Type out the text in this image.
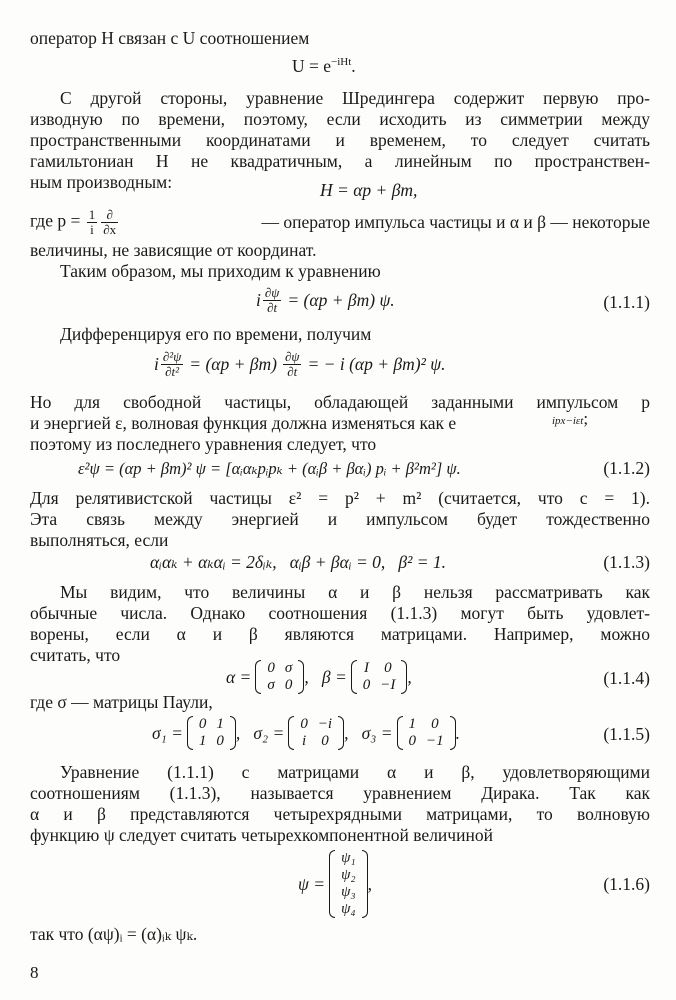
оператор H связан с U соотношением
$U = e^{-iHt}$.
С другой стороны, уравнение Шредингера содержит первую про-
изводную по времени, поэтому, если исходить из симметрии между
пространственными координатами и временем, то следует считать
гамильтониан H не квадратичным, а линейным по пространствен-
ным производным:	H = αp + βm,
где $p = \frac{1}{i} \frac{\partial}{\partial x}$	— оператор импульса частицы и α и β — некоторые
величины, не зависящие от координат.
Таким образом, мы приходим к уравнению
i $\frac{\partial\psi}{\partial t} = (\alpha p + \beta m)$ ψ.	(1.1.1)
Дифференцируя его по времени, получим
i $\frac{\text{∂²ψ}}{\text{∂t²}} = (\alpha p + \beta m) \frac{\partial\psi}{\partial t}$ = − i (αp + βm)² ψ.
Но для свободной частицы, обладающей заданными импульсом p
и энергией ε, волновая функция должна изменяться как e
поэтому из последнего уравнения следует, что
ipx−iεt;
ε²ψ = (αp + βm)² ψ = [αᵢαₖpᵢpₖ + (αᵢβ + βαᵢ) pᵢ + β²m²] ψ.	(1.1.2)
Для релятивистской частицы ε² = p² + m² (считается, что c = 1).
Эта связь между энергией и импульсом будет тождественно
выполняться, если
αᵢαₖ + αₖαᵢ = 2δᵢₖ,   αᵢβ + βαᵢ = 0,   β² = 1.	(1.1.3)
Мы видим, что величины α и β нельзя рассматривать как
обычные числа. Однако соотношения (1.1.3) могут быть удовлет-
ворены, если α и β являются матрицами. Например, можно
считать, что
α = 0	σ
σ	0 ,   β = I	0
0	−I ,	(1.1.4)
где σ — матрицы Паули,
σ₁ = 0	1
1	0 ,   σ₂ = 0	−i
i	0 ,   σ₃ = 1	0
0	−1 .	(1.1.5)
Уравнение (1.1.1) с матрицами α и β, удовлетворяющими
соотношениям (1.1.3), называется уравнением Дирака. Так как
α и β представляются четырехрядными матрицами, то волновую
функцию ψ следует считать четырехкомпонентной величиной
ψ =
ψ₁
ψ₂
ψ₃
ψ₄
,	(1.1.6)
так что (αψ)ᵢ = (α)ᵢₖ ψₖ.
8
